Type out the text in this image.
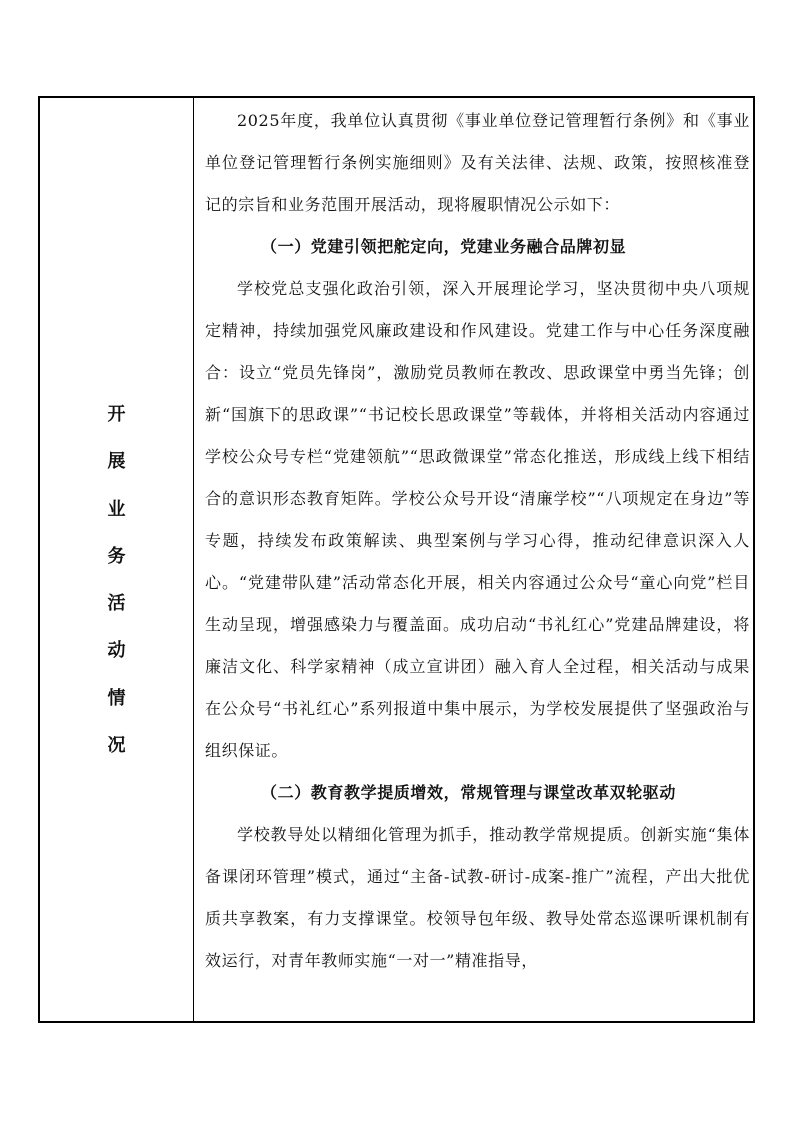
开
展
业
务
活
动
情
况

2025年度，我单位认真贯彻《事业单位登记管理暂行条例》和《事业单位登记管理暂行条例实施细则》及有关法律、法规、政策，按照核准登记的宗旨和业务范围开展活动，现将履职情况公示如下：

（一）党建引领把舵定向，党建业务融合品牌初显

学校党总支强化政治引领，深入开展理论学习，坚决贯彻中央八项规定精神，持续加强党风廉政建设和作风建设。党建工作与中心任务深度融合：设立“党员先锋岗”，激励党员教师在教改、思政课堂中勇当先锋；创新“国旗下的思政课”“书记校长思政课堂”等载体，并将相关活动内容通过学校公众号专栏“党建领航”“思政微课堂”常态化推送，形成线上线下相结合的意识形态教育矩阵。学校公众号开设“清廉学校”“八项规定在身边”等专题，持续发布政策解读、典型案例与学习心得，推动纪律意识深入人心。“党建带队建”活动常态化开展，相关内容通过公众号“童心向党”栏目生动呈现，增强感染力与覆盖面。成功启动“书礼红心”党建品牌建设，将廉洁文化、科学家精神（成立宣讲团）融入育人全过程，相关活动与成果在公众号“书礼红心”系列报道中集中展示，为学校发展提供了坚强政治与组织保证。

（二）教育教学提质增效，常规管理与课堂改革双轮驱动

学校教导处以精细化管理为抓手，推动教学常规提质。创新实施“集体备课闭环管理”模式，通过“主备-试教-研讨-成案-推广”流程，产出大批优质共享教案，有力支撑课堂。校领导包年级、教导处常态巡课听课机制有效运行，对青年教师实施“一对一”精准指导，
